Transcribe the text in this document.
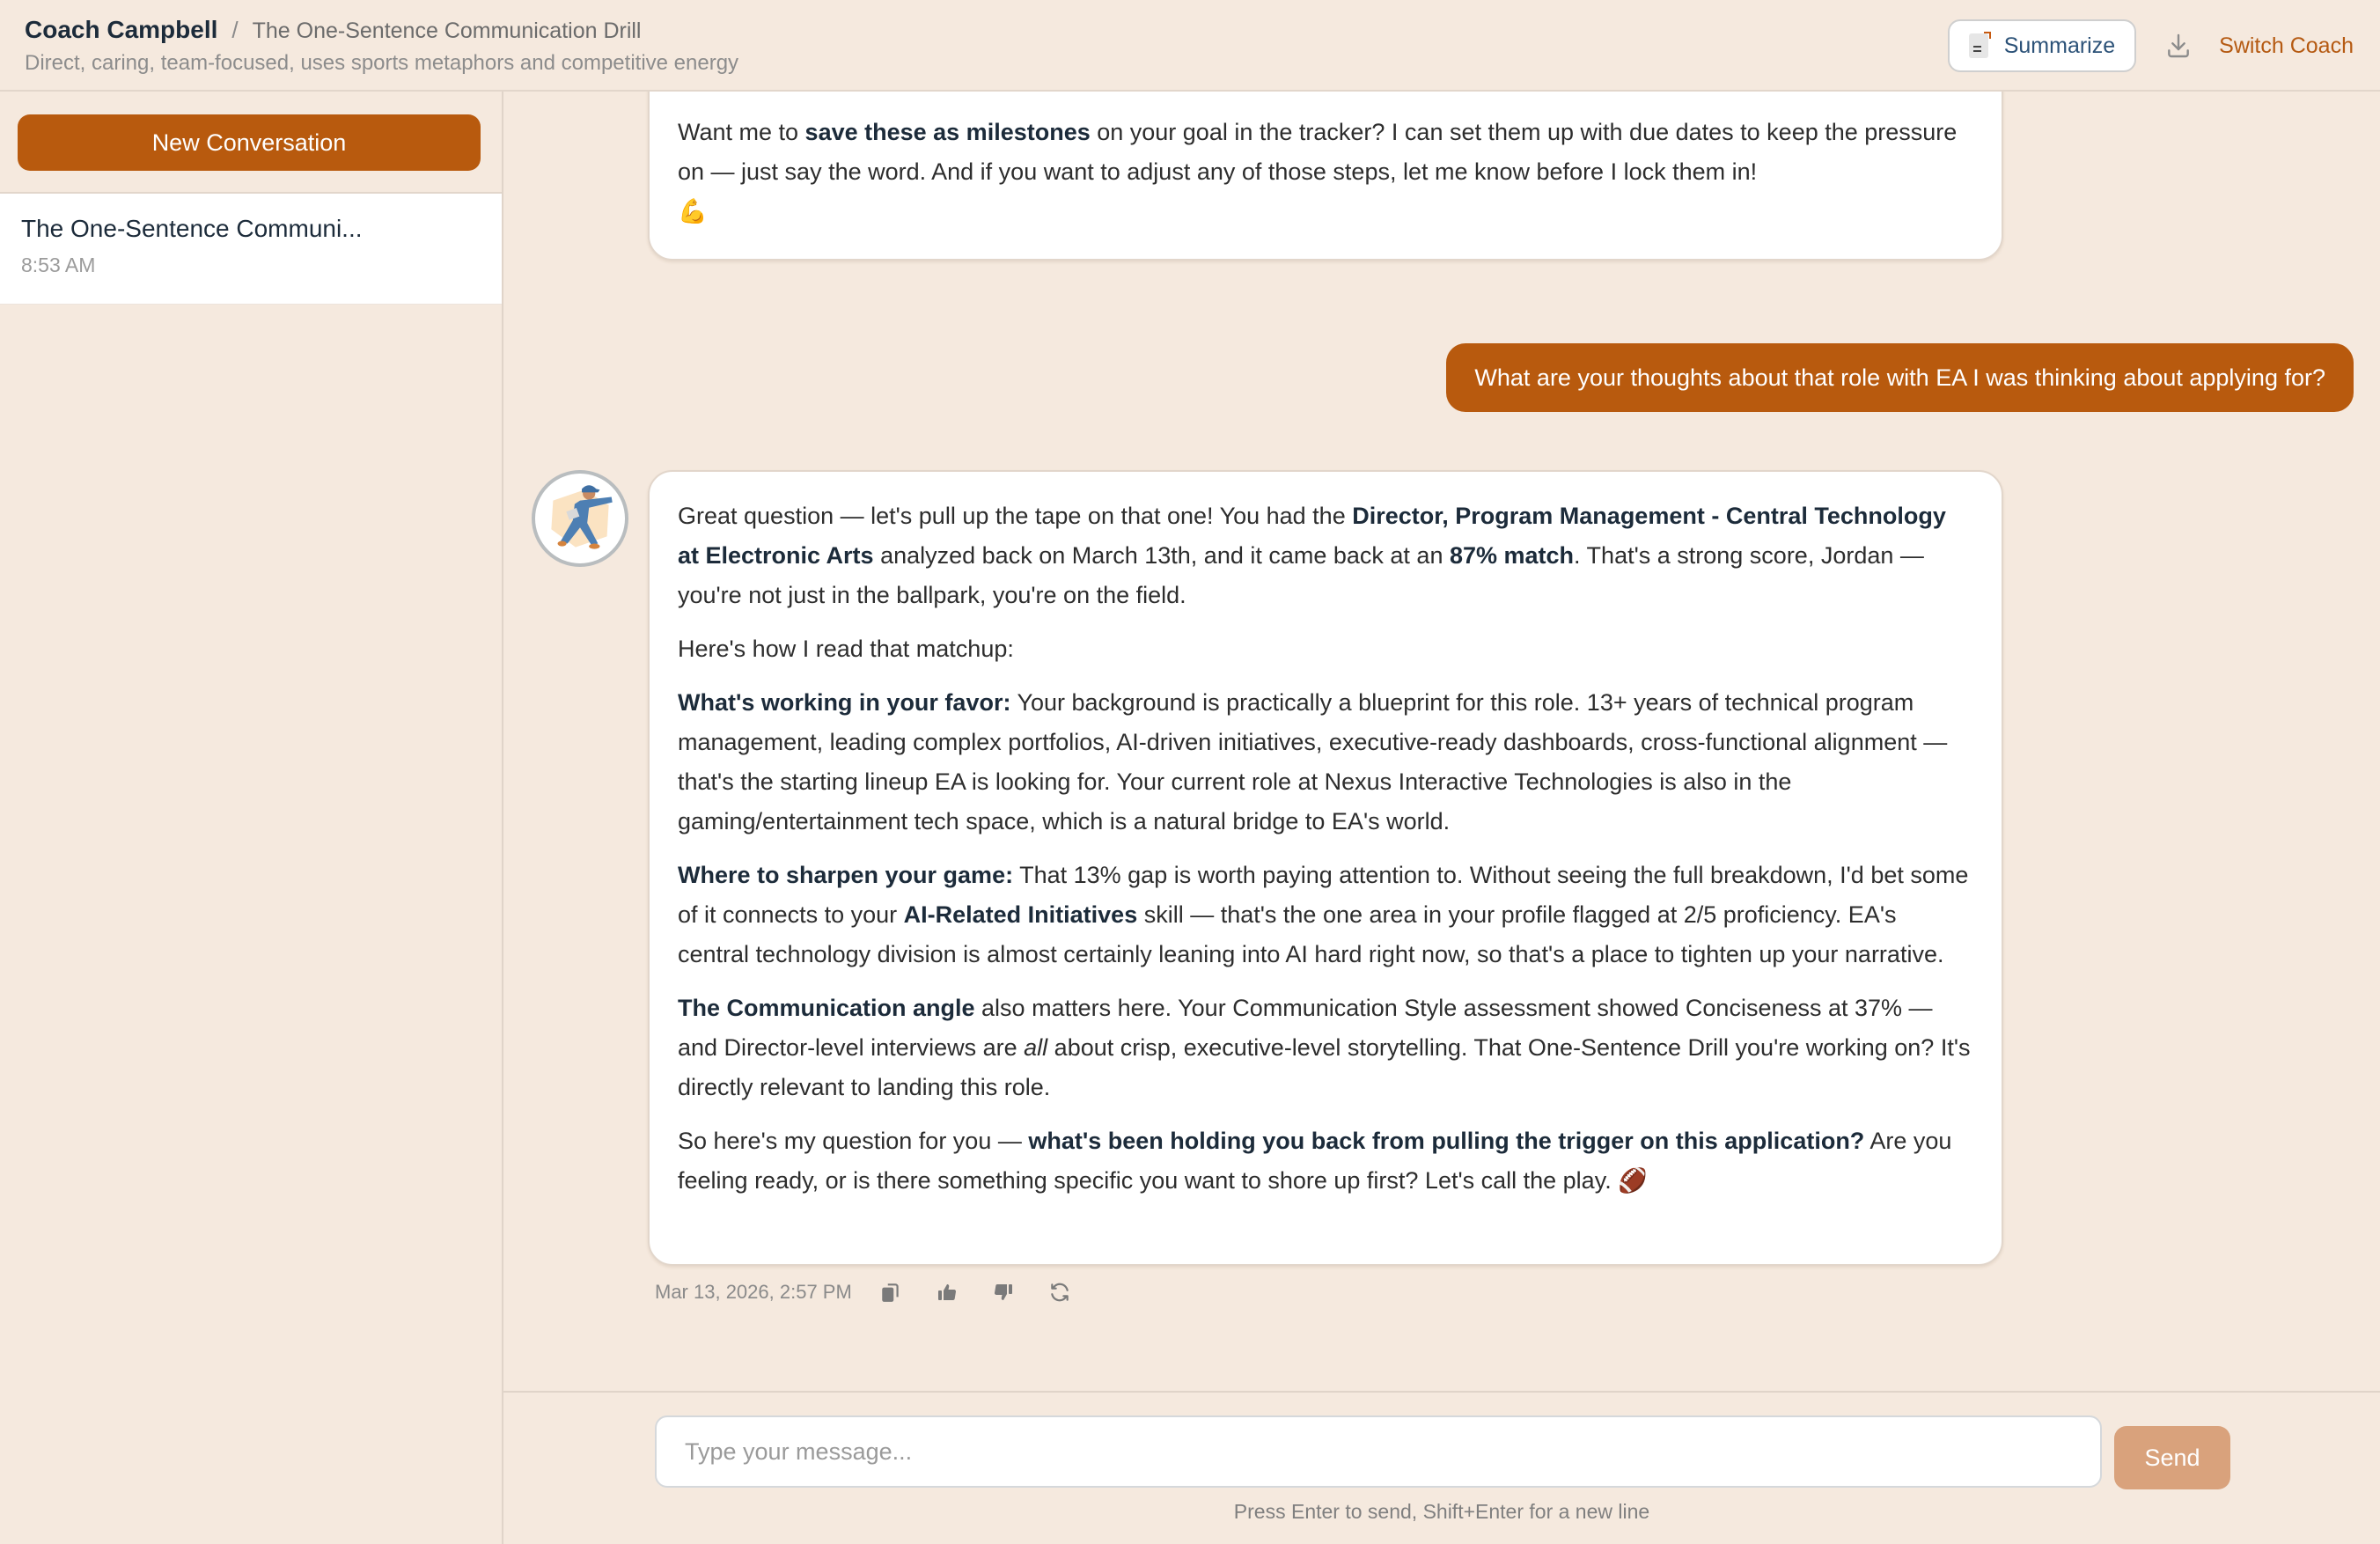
Coach Campbell / The One-Sentence Communication Drill
Direct, caring, team-focused, uses sports metaphors and competitive energy
Summarize	Switch Coach
New Conversation
The One-Sentence Communi...
8:53 AM

Want me to save these as milestones on your goal in the tracker? I can set them up with due dates to keep the pressure on — just say the word. And if you want to adjust any of those steps, let me know before I lock them in!
💪

What are your thoughts about that role with EA I was thinking about applying for?

Great question — let's pull up the tape on that one! You had the Director, Program Management - Central Technology at Electronic Arts analyzed back on March 13th, and it came back at an 87% match. That's a strong score, Jordan — you're not just in the ballpark, you're on the field.

Here's how I read that matchup:

What's working in your favor: Your background is practically a blueprint for this role. 13+ years of technical program management, leading complex portfolios, AI-driven initiatives, executive-ready dashboards, cross-functional alignment — that's the starting lineup EA is looking for. Your current role at Nexus Interactive Technologies is also in the gaming/entertainment tech space, which is a natural bridge to EA's world.

Where to sharpen your game: That 13% gap is worth paying attention to. Without seeing the full breakdown, I'd bet some of it connects to your AI-Related Initiatives skill — that's the one area in your profile flagged at 2/5 proficiency. EA's central technology division is almost certainly leaning into AI hard right now, so that's a place to tighten up your narrative.

The Communication angle also matters here. Your Communication Style assessment showed Conciseness at 37% — and Director-level interviews are all about crisp, executive-level storytelling. That One-Sentence Drill you're working on? It's directly relevant to landing this role.

So here's my question for you — what's been holding you back from pulling the trigger on this application? Are you feeling ready, or is there something specific you want to shore up first? Let's call the play. 🏈

Mar 13, 2026, 2:57 PM
Type your message...
Send
Press Enter to send, Shift+Enter for a new line
